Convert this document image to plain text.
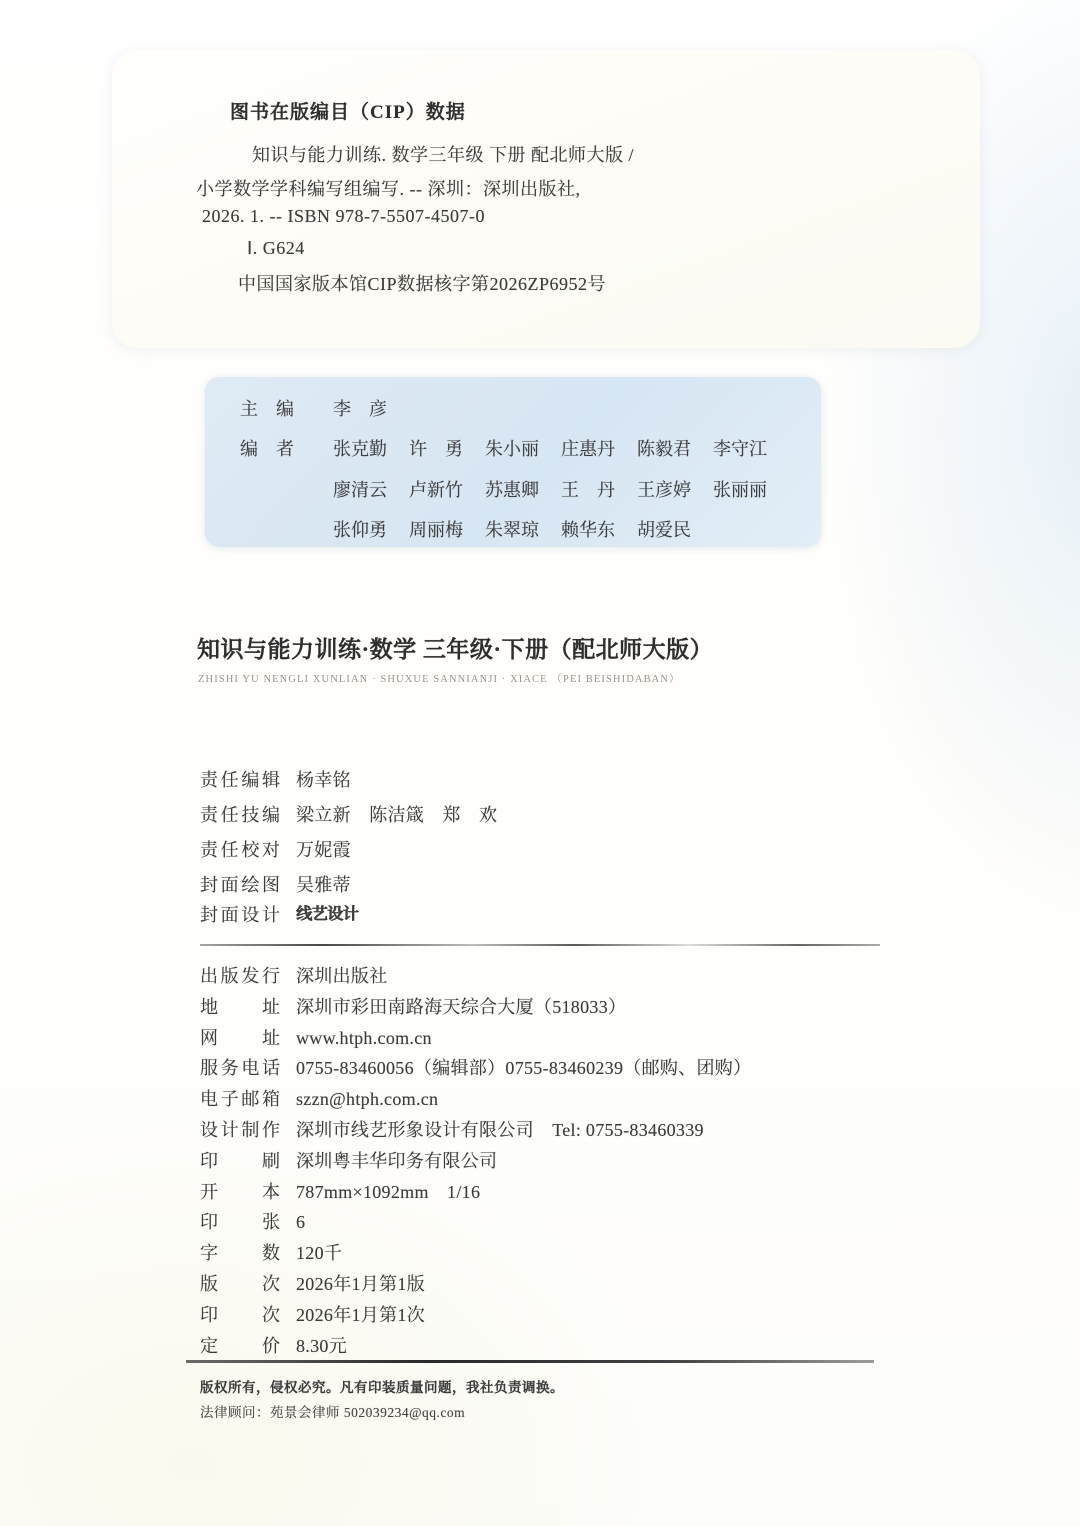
图书在版编目（CIP）数据
知识与能力训练. 数学三年级 下册 配北师大版 /
小学数学学科编写组编写. -- 深圳：深圳出版社,
2026. 1. -- ISBN 978-7-5507-4507-0
Ⅰ. G624
中国国家版本馆CIP数据核字第2026ZP6952号
主　编 李　彦
编　者 张克勤 许　勇 朱小丽 庄惠丹 陈毅君 李守江
廖清云 卢新竹 苏惠卿 王　丹 王彦婷 张丽丽
张仰勇 周丽梅 朱翠琼 赖华东 胡爱民
知识与能力训练·数学 三年级·下册（配北师大版）
ZHISHI YU NENGLI XUNLIAN · SHUXUE SANNIANJI · XIACE （PEI BEISHIDABAN）
责任编辑 杨幸铭
责任技编 梁立新　陈洁箴　郑　欢
责任校对 万妮霞
封面绘图 吴雅蒂
封面设计 线艺设计
出版发行 深圳出版社
地　　址 深圳市彩田南路海天综合大厦（518033）
网　　址 www.htph.com.cn
服务电话 0755-83460056（编辑部）0755-83460239（邮购、团购）
电子邮箱 szzn@htph.com.cn
设计制作 深圳市线艺形象设计有限公司　Tel: 0755-83460339
印　　刷 深圳粤丰华印务有限公司
开　　本 787mm×1092mm　1/16
印　　张 6
字　　数 120千
版　　次 2026年1月第1版
印　　次 2026年1月第1次
定　　价 8.30元
版权所有，侵权必究。凡有印装质量问题，我社负责调换。
法律顾问：苑景会律师 502039234@qq.com
